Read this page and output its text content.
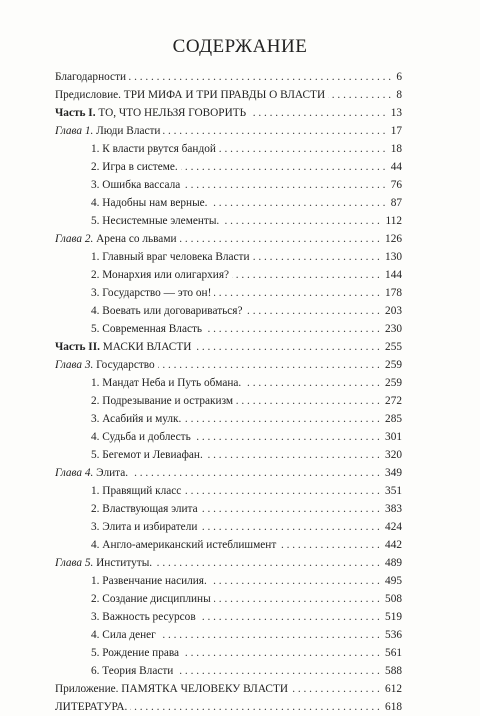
СОДЕРЖАНИЕ
. . . Благодарности	6
. . . Предисловие. ТРИ МИФА И ТРИ ПРАВДЫ О ВЛАСТИ	8
. . . Часть I. ТО, ЧТО НЕЛЬЗЯ ГОВОРИТЬ	13
. . . Глава 1. Люди Власти	17
. . . 1. К власти рвутся бандой	18
. . . 2. Игра в системе.	44
. . . 3. Ошибка вассала	76
. . . 4. Надобны нам верные.	87
. . . 5. Несистемные элементы.	112
. . . Глава 2. Арена со львами	126
. . . 1. Главный враг человека Власти	130
. . . 2. Монархия или олигархия?	144
. . . 3. Государство — это он!	178
. . . 4. Воевать или договариваться?	203
. . . 5. Современная Власть	230
. . . Часть II. МАСКИ ВЛАСТИ	255
. . . Глава 3. Государство	259
. . . 1. Мандат Неба и Путь обмана.	259
. . . 2. Подрезывание и остракизм	272
. . . 3. Асабийя и мулк.	285
. . . 4. Судьба и доблесть	301
. . . 5. Бегемот и Левиафан.	320
. . . Глава 4. Элита.	349
. . . 1. Правящий класс	351
. . . 2. Властвующая элита	383
. . . 3. Элита и избиратели	424
. . . 4. Англо-американский истеблишмент	442
. . . Глава 5. Институты.	489
. . . 1. Развенчание насилия.	495
. . . 2. Создание дисциплины	508
. . . 3. Важность ресурсов	519
. . . 4. Сила денег	536
. . . 5. Рождение права	561
. . . 6. Теория Власти	588
. . . Приложение. ПАМЯТКА ЧЕЛОВЕКУ ВЛАСТИ	612
. . . ЛИТЕРАТУРА.	618
